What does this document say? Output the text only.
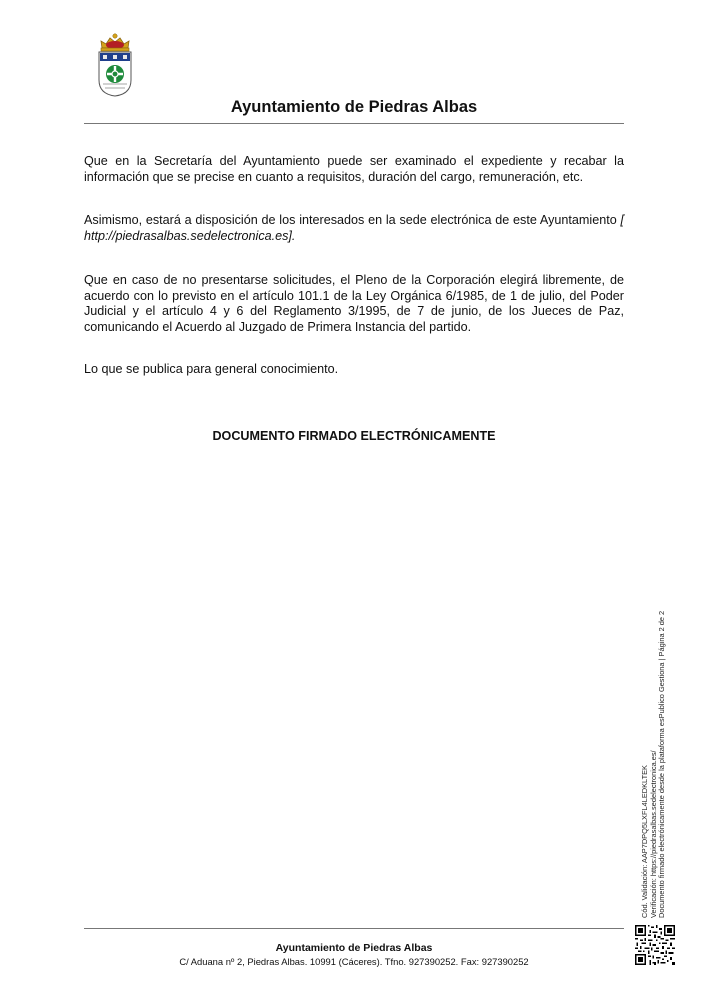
Ayuntamiento de Piedras Albas

Que en la Secretaría del Ayuntamiento puede ser examinado el expediente y recabar la información que se precise en cuanto a requisitos, duración del cargo, remuneración, etc.

Asimismo, estará a disposición de los interesados en la sede electrónica de este Ayuntamiento [ http://piedrasalbas.sedelectronica.es].

Que en caso de no presentarse solicitudes, el Pleno de la Corporación elegirá libremente, de acuerdo con lo previsto en el artículo 101.1 de la Ley Orgánica 6/1985, de 1 de julio, del Poder Judicial y el artículo 4 y 6 del Reglamento 3/1995, de 7 de junio, de los Jueces de Paz, comunicando el Acuerdo al Juzgado de Primera Instancia del partido.

Lo que se publica para general conocimiento.

DOCUMENTO FIRMADO ELECTRÓNICAMENTE
Cód. Validación: AAP7DPQ5LXFL4LEDKLTEK Verificación: https://piedrasalbas.sedelectronica.es/ Documento firmado electrónicamente desde la plataforma esPublico Gestiona | Página 2 de 2
Ayuntamiento de Piedras Albas
C/ Aduana nº 2, Piedras Albas. 10991 (Cáceres). Tfno. 927390252. Fax: 927390252
